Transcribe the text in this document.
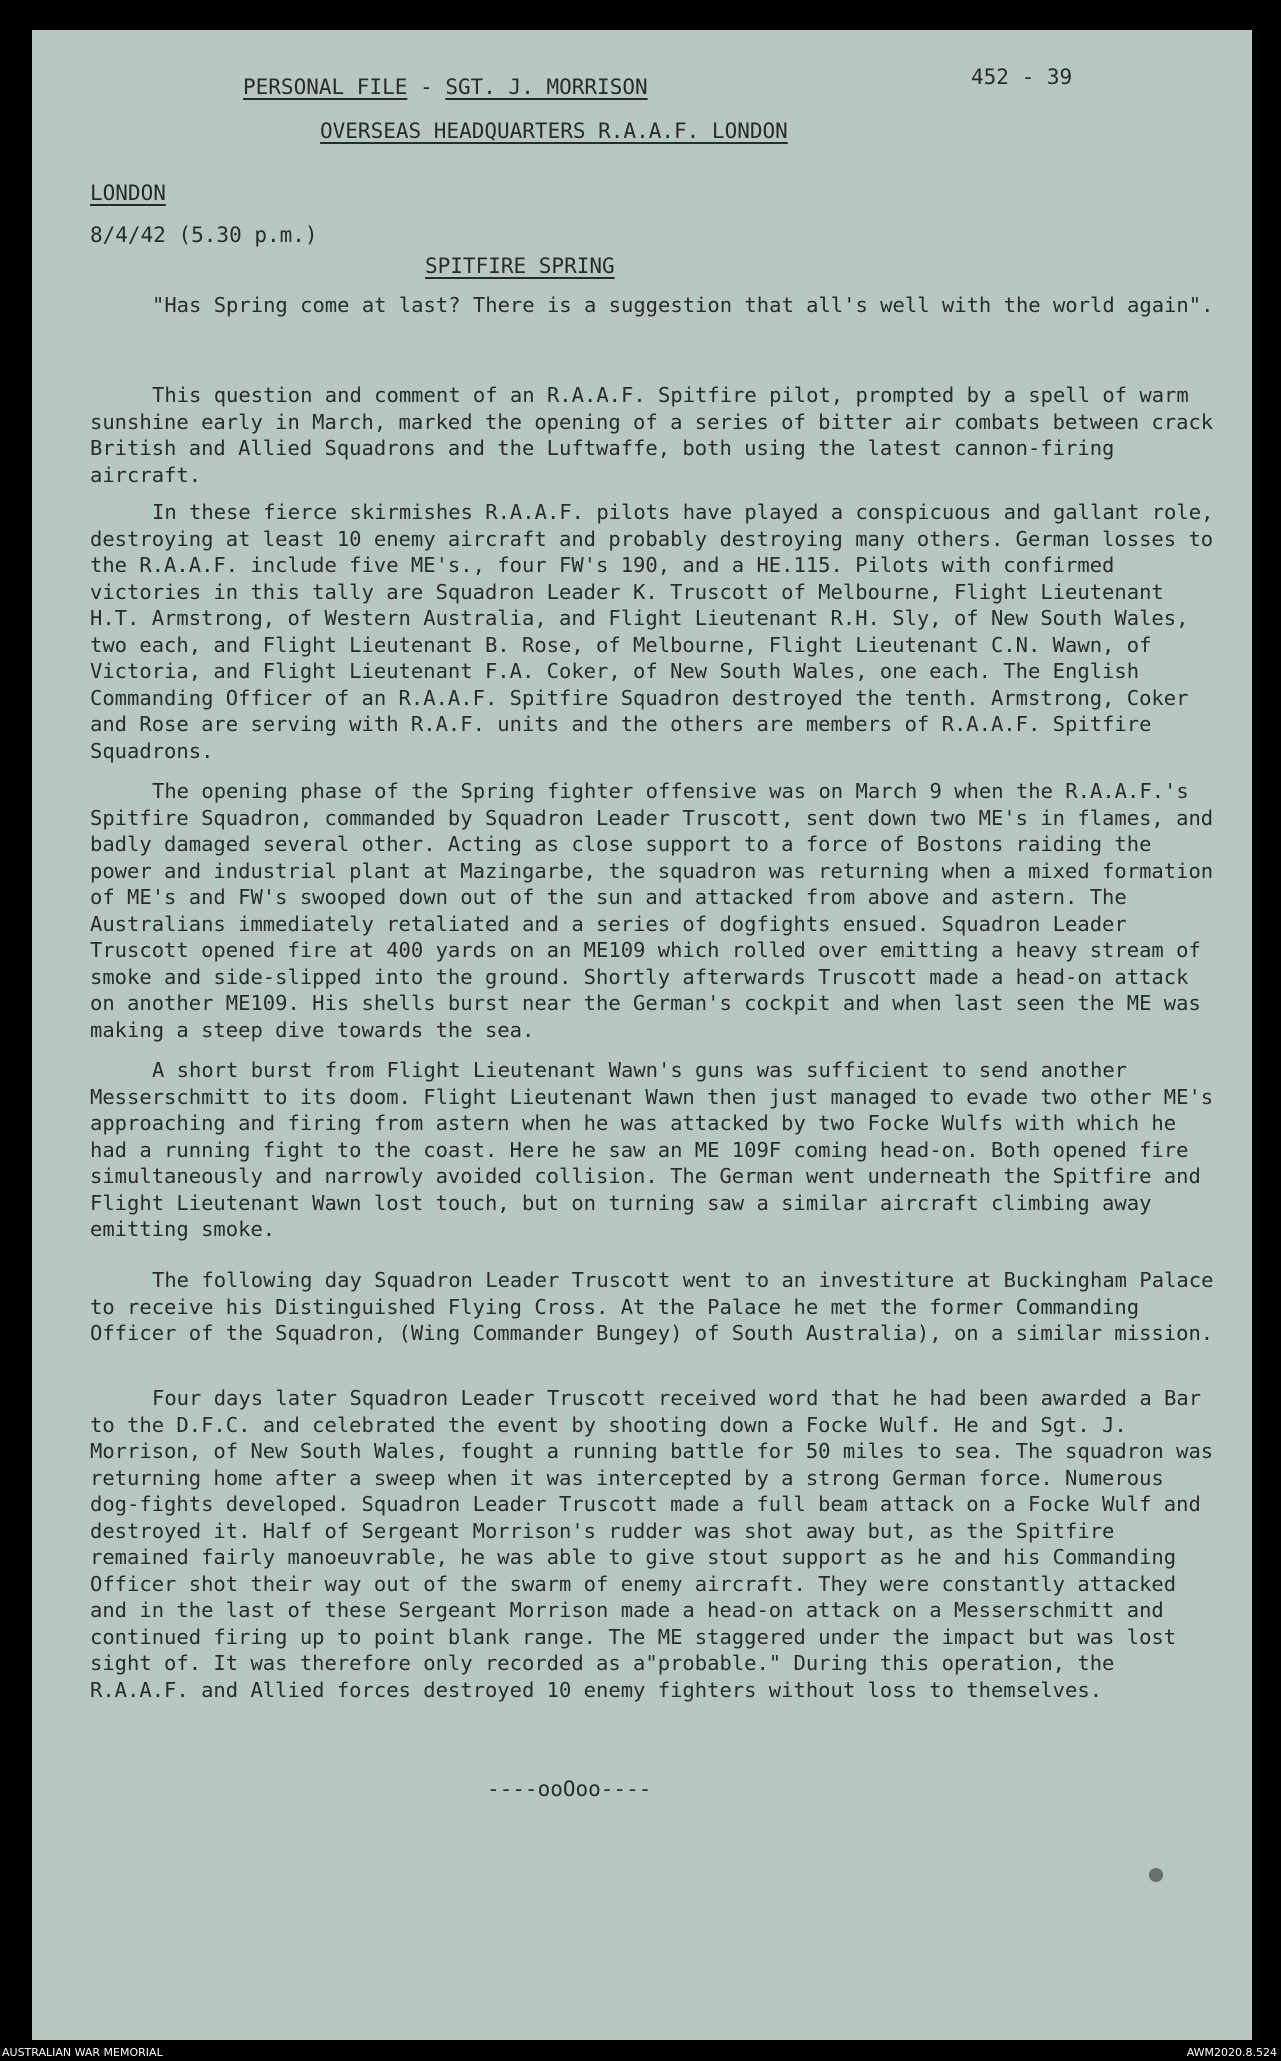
PERSONAL FILE - SGT. J. MORRISON	452 - 39
OVERSEAS HEADQUARTERS R.A.A.F. LONDON
LONDON
8/4/42 (5.30 p.m.)
SPITFIRE SPRING

"Has Spring come at last? There is a suggestion that all's well with the world again".

This question and comment of an R.A.A.F. Spitfire pilot, prompted by a spell of warm sunshine early in March, marked the opening of a series of bitter air combats between crack British and Allied Squadrons and the Luftwaffe, both using the latest cannon-firing aircraft.

In these fierce skirmishes R.A.A.F. pilots have played a conspicuous and gallant role, destroying at least 10 enemy aircraft and probably destroying many others. German losses to the R.A.A.F. include five ME's., four FW's 190, and a HE.115. Pilots with confirmed victories in this tally are Squadron Leader K. Truscott of Melbourne, Flight Lieutenant H.T. Armstrong, of Western Australia, and Flight Lieutenant R.H. Sly, of New South Wales, two each, and Flight Lieutenant B. Rose, of Melbourne, Flight Lieutenant C.N. Wawn, of Victoria, and Flight Lieutenant F.A. Coker, of New South Wales, one each. The English Commanding Officer of an R.A.A.F. Spitfire Squadron destroyed the tenth. Armstrong, Coker and Rose are serving with R.A.F. units and the others are members of R.A.A.F. Spitfire Squadrons.

The opening phase of the Spring fighter offensive was on March 9 when the R.A.A.F.'s Spitfire Squadron, commanded by Squadron Leader Truscott, sent down two ME's in flames, and badly damaged several other. Acting as close support to a force of Bostons raiding the power and industrial plant at Mazingarbe, the squadron was returning when a mixed formation of ME's and FW's swooped down out of the sun and attacked from above and astern. The Australians immediately retaliated and a series of dogfights ensued. Squadron Leader Truscott opened fire at 400 yards on an ME109 which rolled over emitting a heavy stream of smoke and side-slipped into the ground. Shortly afterwards Truscott made a head-on attack on another ME109. His shells burst near the German's cockpit and when last seen the ME was making a steep dive towards the sea.

A short burst from Flight Lieutenant Wawn's guns was sufficient to send another Messerschmitt to its doom. Flight Lieutenant Wawn then just managed to evade two other ME's approaching and firing from astern when he was attacked by two Focke Wulfs with which he had a running fight to the coast. Here he saw an ME 109F coming head-on. Both opened fire simultaneously and narrowly avoided collision. The German went underneath the Spitfire and Flight Lieutenant Wawn lost touch, but on turning saw a similar aircraft climbing away emitting smoke.

The following day Squadron Leader Truscott went to an investiture at Buckingham Palace to receive his Distinguished Flying Cross. At the Palace he met the former Commanding Officer of the Squadron, (Wing Commander Bungey) of South Australia), on a similar mission.

Four days later Squadron Leader Truscott received word that he had been awarded a Bar to the D.F.C. and celebrated the event by shooting down a Focke Wulf. He and Sgt. J. Morrison, of New South Wales, fought a running battle for 50 miles to sea. The squadron was returning home after a sweep when it was intercepted by a strong German force. Numerous dog-fights developed. Squadron Leader Truscott made a full beam attack on a Focke Wulf and destroyed it. Half of Sergeant Morrison's rudder was shot away but, as the Spitfire remained fairly manoeuvrable, he was able to give stout support as he and his Commanding Officer shot their way out of the swarm of enemy aircraft. They were constantly attacked and in the last of these Sergeant Morrison made a head-on attack on a Messerschmitt and continued firing up to point blank range. The ME staggered under the impact but was lost sight of. It was therefore only recorded as a"probable." During this operation, the R.A.A.F. and Allied forces destroyed 10 enemy fighters without loss to themselves.

----ooOoo----
AUSTRALIAN WAR MEMORIAL	AWM2020.8.524
